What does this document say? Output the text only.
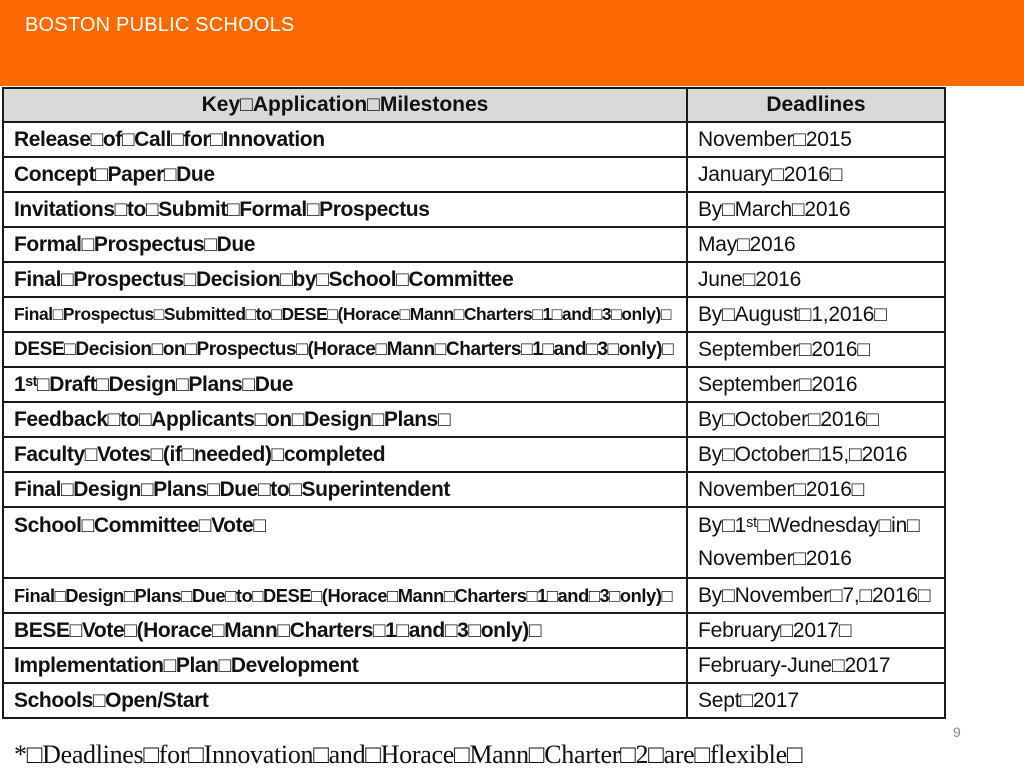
BOSTON PUBLIC SCHOOLS
Key□Application□Milestones	Deadlines
Release□of□Call□for□Innovation	November□2015
Concept□Paper□Due	January□2016□
Invitations□to□Submit□Formal□Prospectus	By□March□2016
Formal□Prospectus□Due	May□2016
Final□Prospectus□Decision□by□School□Committee	June□2016
Final□Prospectus□Submitted□to□DESE□(Horace□Mann□Charters□1□and□3□only)□	By□August□1,2016□
DESE□Decision□on□Prospectus□(Horace□Mann□Charters□1□and□3□only)□	September□2016□
1ˢᵗ□Draft□Design□Plans□Due	September□2016
Feedback□to□Applicants□on□Design□Plans□	By□October□2016□
Faculty□Votes□(if□needed)□completed	By□October□15,□2016
Final□Design□Plans□Due□to□Superintendent	November□2016□
School□Committee□Vote□	By□1ˢᵗ□Wednesday□in□
November□2016

Final□Design□Plans□Due□to□DESE□(Horace□Mann□Charters□1□and□3□only)□	By□November□7,□2016□
BESE□Vote□(Horace□Mann□Charters□1□and□3□only)□	February□2017□
Implementation□Plan□Development	February-June□2017
Schools□Open/Start	Sept□2017
*□Deadlines□for□Innovation□and□Horace□Mann□Charter□2□are□flexible□
9
